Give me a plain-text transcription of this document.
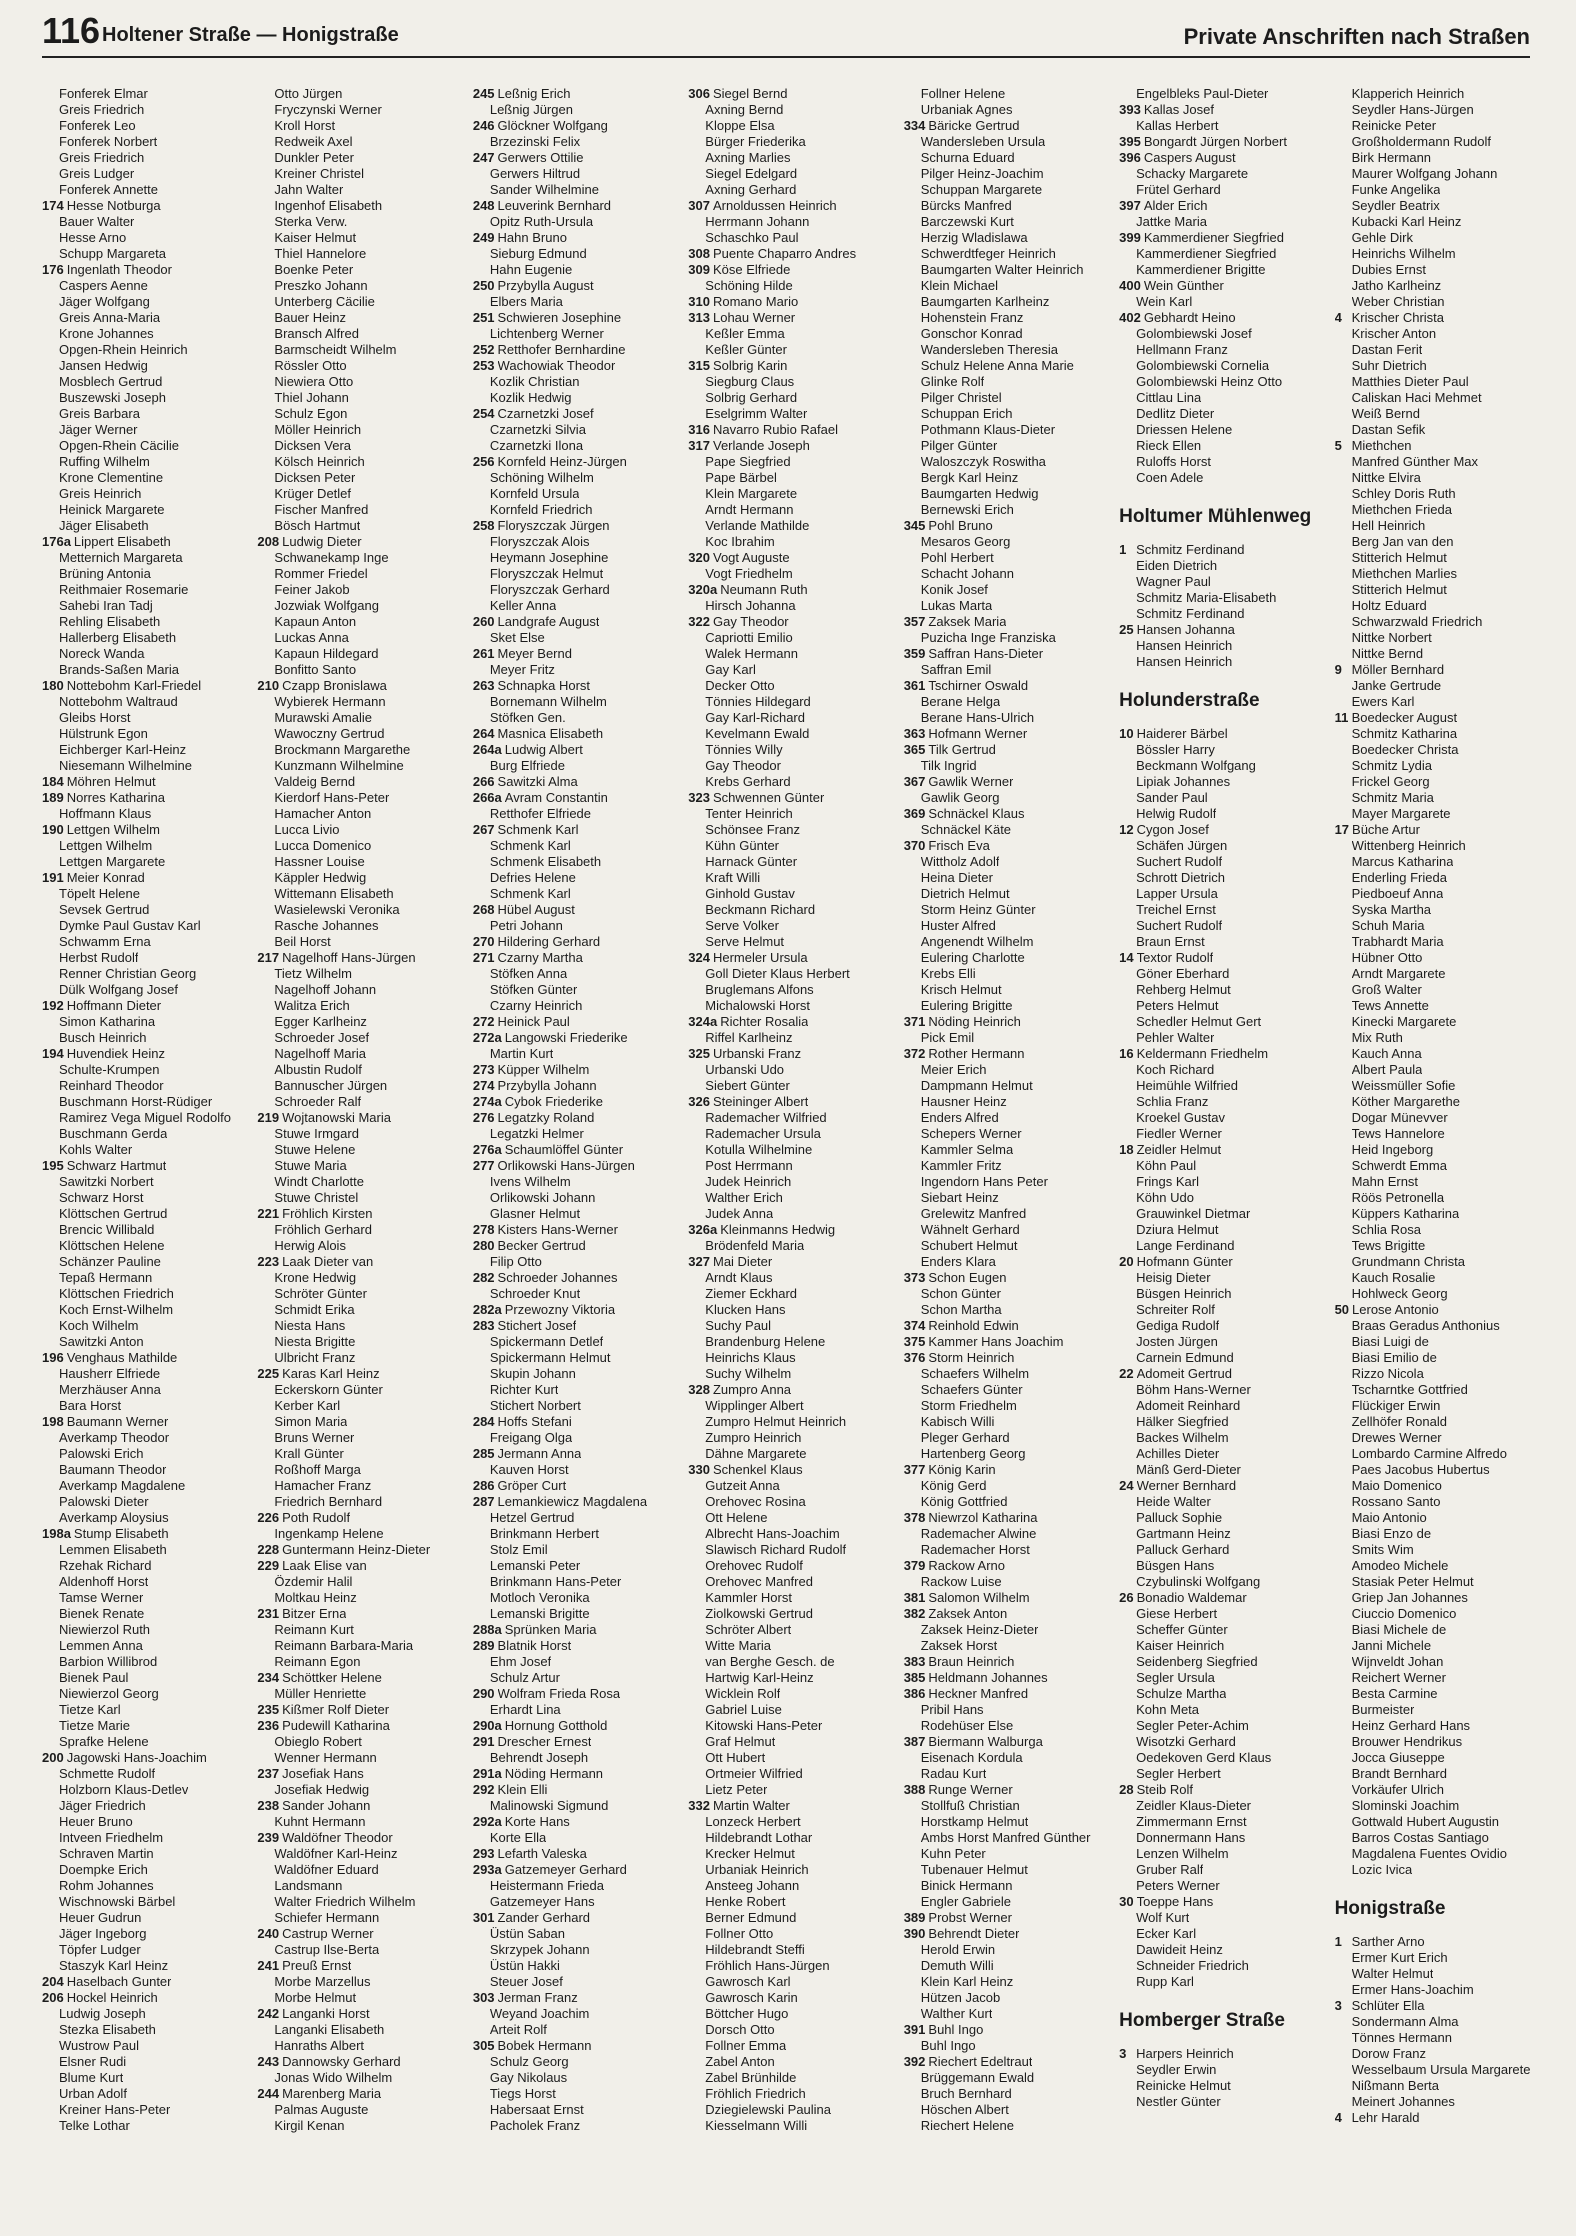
116 Holtener Straße — Honigstraße	Private Anschriften nach Straßen
Fonferek Elmar
Greis Friedrich
Fonferek Leo
Fonferek Norbert
Greis Friedrich
Greis Ludger
Fonferek Annette
174 Hesse Notburga
Bauer Walter
Hesse Arno
Schupp Margareta
176 Ingenlath Theodor
Caspers Aenne
Jäger Wolfgang
Greis Anna-Maria
Krone Johannes
Opgen-Rhein Heinrich
Jansen Hedwig
Mosblech Gertrud
Buszewski Joseph
Greis Barbara
Jäger Werner
Opgen-Rhein Cäcilie
Ruffing Wilhelm
Krone Clementine
Greis Heinrich
Heinick Margarete
Jäger Elisabeth
176a Lippert Elisabeth
Metternich Margareta
Brüning Antonia
Reithmaier Rosemarie
Sahebi Iran Tadj
Rehling Elisabeth
Hallerberg Elisabeth
Noreck Wanda
Brands-Saßen Maria
180 Nottebohm Karl-Friedel
Nottebohm Waltraud
Gleibs Horst
Hülstrunk Egon
Eichberger Karl-Heinz
Niesemann Wilhelmine
184 Möhren Helmut
189 Norres Katharina
Hoffmann Klaus
190 Lettgen Wilhelm
Lettgen Wilhelm
Lettgen Margarete
191 Meier Konrad
Töpelt Helene
Sevsek Gertrud
Dymke Paul Gustav Karl
Schwamm Erna
Herbst Rudolf
Renner Christian Georg
Dülk Wolfgang Josef
192 Hoffmann Dieter
Simon Katharina
Busch Heinrich
194 Huvendiek Heinz
Schulte-Krumpen
Reinhard Theodor
Buschmann Horst-Rüdiger
Ramirez Vega Miguel Rodolfo
Buschmann Gerda
Kohls Walter
195 Schwarz Hartmut
Sawitzki Norbert
Schwarz Horst
Klöttschen Gertrud
Brencic Willibald
Klöttschen Helene
Schänzer Pauline
Tepaß Hermann
Klöttschen Friedrich
Koch Ernst-Wilhelm
Koch Wilhelm
Sawitzki Anton
196 Venghaus Mathilde
Hausherr Elfriede
Merzhäuser Anna
Bara Horst
198 Baumann Werner
Averkamp Theodor
Palowski Erich
Baumann Theodor
Averkamp Magdalene
Palowski Dieter
Averkamp Aloysius
198a Stump Elisabeth
Lemmen Elisabeth
Rzehak Richard
Aldenhoff Horst
Tamse Werner
Bienek Renate
Niewierzol Ruth
Lemmen Anna
Barbion Willibrod
Bienek Paul
Niewierzol Georg
Tietze Karl
Tietze Marie
Sprafke Helene
200 Jagowski Hans-Joachim
Schmette Rudolf
Holzborn Klaus-Detlev
Jäger Friedrich
Heuer Bruno
Intveen Friedhelm
Schraven Martin
Doempke Erich
Rohm Johannes
Wischnowski Bärbel
Heuer Gudrun
Jäger Ingeborg
Töpfer Ludger
Staszyk Karl Heinz
204 Haselbach Gunter
206 Hockel Heinrich
Ludwig Joseph
Stezka Elisabeth
Wustrow Paul
Elsner Rudi
Blume Kurt
Urban Adolf
Kreiner Hans-Peter
Telke Lothar
Otto Jürgen
Fryczynski Werner
Kroll Horst
Redweik Axel
Dunkler Peter
Kreiner Christel
Jahn Walter
Ingenhof Elisabeth
Sterka Verw.
Kaiser Helmut
Thiel Hannelore
Boenke Peter
Preszko Johann
Unterberg Cäcilie
Bauer Heinz
Bransch Alfred
Barmscheidt Wilhelm
Rössler Otto
Niewiera Otto
Thiel Johann
Schulz Egon
Möller Heinrich
Dicksen Vera
Kölsch Heinrich
Dicksen Peter
Krüger Detlef
Fischer Manfred
Bösch Hartmut
208 Ludwig Dieter
Schwanekamp Inge
Rommer Friedel
Feiner Jakob
Jozwiak Wolfgang
Kapaun Anton
Luckas Anna
Kapaun Hildegard
Bonfitto Santo
210 Czapp Bronislawa
Wybierek Hermann
Murawski Amalie
Wawoczny Gertrud
Brockmann Margarethe
Kunzmann Wilhelmine
Valdeig Bernd
Kierdorf Hans-Peter
Hamacher Anton
Lucca Livio
Lucca Domenico
Hassner Louise
Käppler Hedwig
Wittemann Elisabeth
Wasielewski Veronika
Rasche Johannes
Beil Horst
217 Nagelhoff Hans-Jürgen
Tietz Wilhelm
Nagelhoff Johann
Walitza Erich
Egger Karlheinz
Schroeder Josef
Nagelhoff Maria
Albustin Rudolf
Bannuscher Jürgen
Schroeder Ralf
219 Wojtanowski Maria
Stuwe Irmgard
Stuwe Helene
Stuwe Maria
Windt Charlotte
Stuwe Christel
221 Fröhlich Kirsten
Fröhlich Gerhard
Herwig Alois
223 Laak Dieter van
Krone Hedwig
Schröter Günter
Schmidt Erika
Niesta Hans
Niesta Brigitte
Ulbricht Franz
225 Karas Karl Heinz
Eckerskorn Günter
Kerber Karl
Simon Maria
Bruns Werner
Krall Günter
Roßhoff Marga
Hamacher Franz
Friedrich Bernhard
226 Poth Rudolf
Ingenkamp Helene
228 Guntermann Heinz-Dieter
229 Laak Elise van
Özdemir Halil
Moltkau Heinz
231 Bitzer Erna
Reimann Kurt
Reimann Barbara-Maria
Reimann Egon
234 Schöttker Helene
Müller Henriette
235 Kißmer Rolf Dieter
236 Pudewill Katharina
Obieglo Robert
Wenner Hermann
237 Josefiak Hans
Josefiak Hedwig
238 Sander Johann
Kuhnt Hermann
239 Waldöfner Theodor
Waldöfner Karl-Heinz
Waldöfner Eduard
Landsmann
Walter Friedrich Wilhelm
Schiefer Hermann
240 Castrup Werner
Castrup Ilse-Berta
241 Preuß Ernst
Morbe Marzellus
Morbe Helmut
242 Langanki Horst
Langanki Elisabeth
Hanraths Albert
243 Dannowsky Gerhard
Jonas Wido Wilhelm
244 Marenberg Maria
Palmas Auguste
Kirgil Kenan
245 Leßnig Erich
Leßnig Jürgen
246 Glöckner Wolfgang
Brzezinski Felix
247 Gerwers Ottilie
Gerwers Hiltrud
Sander Wilhelmine
248 Leuverink Bernhard
Opitz Ruth-Ursula
249 Hahn Bruno
Sieburg Edmund
Hahn Eugenie
250 Przybylla August
Elbers Maria
251 Schwieren Josephine
Lichtenberg Werner
252 Retthofer Bernhardine
253 Wachowiak Theodor
Kozlik Christian
Kozlik Hedwig
254 Czarnetzki Josef
Czarnetzki Silvia
Czarnetzki Ilona
256 Kornfeld Heinz-Jürgen
Schöning Wilhelm
Kornfeld Ursula
Kornfeld Friedrich
258 Floryszczak Jürgen
Floryszczak Alois
Heymann Josephine
Floryszczak Helmut
Floryszczak Gerhard
Keller Anna
260 Landgrafe August
Sket Else
261 Meyer Bernd
Meyer Fritz
263 Schnapka Horst
Bornemann Wilhelm
Stöfken Gen.
264 Masnica Elisabeth
264a Ludwig Albert
Burg Elfriede
266 Sawitzki Alma
266a Avram Constantin
Retthofer Elfriede
267 Schmenk Karl
Schmenk Karl
Schmenk Elisabeth
Defries Helene
Schmenk Karl
268 Hübel August
Petri Johann
270 Hildering Gerhard
271 Czarny Martha
Stöfken Anna
Stöfken Günter
Czarny Heinrich
272 Heinick Paul
272a Langowski Friederike
Martin Kurt
273 Küpper Wilhelm
274 Przybylla Johann
274a Cybok Friederike
276 Legatzky Roland
Legatzki Helmer
276a Schaumlöffel Günter
277 Orlikowski Hans-Jürgen
Ivens Wilhelm
Orlikowski Johann
Glasner Helmut
278 Kisters Hans-Werner
280 Becker Gertrud
Filip Otto
282 Schroeder Johannes
Schroeder Knut
282a Przewozny Viktoria
283 Stichert Josef
Spickermann Detlef
Spickermann Helmut
Skupin Johann
Richter Kurt
Stichert Norbert
284 Hoffs Stefani
Freigang Olga
285 Jermann Anna
Kauven Horst
286 Gröper Curt
287 Lemankiewicz Magdalena
Hetzel Gertrud
Brinkmann Herbert
Stolz Emil
Lemanski Peter
Brinkmann Hans-Peter
Motloch Veronika
Lemanski Brigitte
288a Sprünken Maria
289 Blatnik Horst
Ehm Josef
Schulz Artur
290 Wolfram Frieda Rosa
Erhardt Lina
290a Hornung Gotthold
291 Drescher Ernest
Behrendt Joseph
291a Nöding Hermann
292 Klein Elli
Malinowski Sigmund
292a Korte Hans
Korte Ella
293 Lefarth Valeska
293a Gatzemeyer Gerhard
Heistermann Frieda
Gatzemeyer Hans
301 Zander Gerhard
Üstün Saban
Skrzypek Johann
Üstün Hakki
Steuer Josef
303 Jerman Franz
Weyand Joachim
Arteit Rolf
305 Bobek Hermann
Schulz Georg
Gay Nikolaus
Tiegs Horst
Habersaat Ernst
Pacholek Franz
306 Siegel Bernd
Axning Bernd
Kloppe Elsa
Bürger Friederika
Axning Marlies
Siegel Edelgard
Axning Gerhard
307 Arnoldussen Heinrich
Herrmann Johann
Schaschko Paul
308 Puente Chaparro Andres
309 Köse Elfriede
Schöning Hilde
310 Romano Mario
313 Lohau Werner
Keßler Emma
Keßler Günter
315 Solbrig Karin
Siegburg Claus
Solbrig Gerhard
Eselgrimm Walter
316 Navarro Rubio Rafael
317 Verlande Joseph
Pape Siegfried
Pape Bärbel
Klein Margarete
Arndt Hermann
Verlande Mathilde
Koc Ibrahim
320 Vogt Auguste
Vogt Friedhelm
320a Neumann Ruth
Hirsch Johanna
322 Gay Theodor
Capriotti Emilio
Walek Hermann
Gay Karl
Decker Otto
Tönnies Hildegard
Gay Karl-Richard
Kevelmann Ewald
Tönnies Willy
Gay Theodor
Krebs Gerhard
323 Schwennen Günter
Tenter Heinrich
Schönsee Franz
Kühn Günter
Harnack Günter
Kraft Willi
Ginhold Gustav
Beckmann Richard
Serve Volker
Serve Helmut
324 Hermeler Ursula
Goll Dieter Klaus Herbert
Bruglemans Alfons
Michalowski Horst
324a Richter Rosalia
Riffel Karlheinz
325 Urbanski Franz
Urbanski Udo
Siebert Günter
326 Steininger Albert
Rademacher Wilfried
Rademacher Ursula
Kotulla Wilhelmine
Post Herrmann
Judek Heinrich
Walther Erich
Judek Anna
326a Kleinmanns Hedwig
Brödenfeld Maria
327 Mai Dieter
Arndt Klaus
Ziemer Eckhard
Klucken Hans
Suchy Paul
Brandenburg Helene
Heinrichs Klaus
Suchy Wilhelm
328 Zumpro Anna
Wipplinger Albert
Zumpro Helmut Heinrich
Zumpro Heinrich
Dähne Margarete
330 Schenkel Klaus
Gutzeit Anna
Orehovec Rosina
Ott Helene
Albrecht Hans-Joachim
Slawisch Richard Rudolf
Orehovec Rudolf
Orehovec Manfred
Kammler Horst
Ziolkowski Gertrud
Schröter Albert
Witte Maria
van Berghe Gesch. de
Hartwig Karl-Heinz
Wicklein Rolf
Gabriel Luise
Kitowski Hans-Peter
Graf Helmut
Ott Hubert
Ortmeier Wilfried
Lietz Peter
332 Martin Walter
Lonzeck Herbert
Hildebrandt Lothar
Krecker Helmut
Urbaniak Heinrich
Ansteeg Johann
Henke Robert
Berner Edmund
Follner Otto
Hildebrandt Steffi
Fröhlich Hans-Jürgen
Gawrosch Karl
Gawrosch Karin
Böttcher Hugo
Dorsch Otto
Follner Emma
Zabel Anton
Zabel Brünhilde
Fröhlich Friedrich
Dziegielewski Paulina
Kiesselmann Willi
Follner Helene
Urbaniak Agnes
334 Bäricke Gertrud
Wandersleben Ursula
Schurna Eduard
Pilger Heinz-Joachim
Schuppan Margarete
Bürcks Manfred
Barczewski Kurt
Herzig Wladislawa
Schwerdtfeger Heinrich
Baumgarten Walter Heinrich
Klein Michael
Baumgarten Karlheinz
Hohenstein Franz
Gonschor Konrad
Wandersleben Theresia
Schulz Helene Anna Marie
Glinke Rolf
Pilger Christel
Schuppan Erich
Pothmann Klaus-Dieter
Pilger Günter
Waloszczyk Roswitha
Bergk Karl Heinz
Baumgarten Hedwig
Bernewski Erich
345 Pohl Bruno
Mesaros Georg
Pohl Herbert
Schacht Johann
Konik Josef
Lukas Marta
357 Zaksek Maria
Puzicha Inge Franziska
359 Saffran Hans-Dieter
Saffran Emil
361 Tschirner Oswald
Berane Helga
Berane Hans-Ulrich
363 Hofmann Werner
365 Tilk Gertrud
Tilk Ingrid
367 Gawlik Werner
Gawlik Georg
369 Schnäckel Klaus
Schnäckel Käte
370 Frisch Eva
Wittholz Adolf
Heina Dieter
Dietrich Helmut
Storm Heinz Günter
Huster Alfred
Angenendt Wilhelm
Eulering Charlotte
Krebs Elli
Krisch Helmut
Eulering Brigitte
371 Nöding Heinrich
Pick Emil
372 Rother Hermann
Meier Erich
Dampmann Helmut
Hausner Heinz
Enders Alfred
Schepers Werner
Kammler Selma
Kammler Fritz
Ingendorn Hans Peter
Siebart Heinz
Grelewitz Manfred
Wähnelt Gerhard
Schubert Helmut
Enders Klara
373 Schon Eugen
Schon Günter
Schon Martha
374 Reinhold Edwin
375 Kammer Hans Joachim
376 Storm Heinrich
Schaefers Wilhelm
Schaefers Günter
Storm Friedhelm
Kabisch Willi
Pleger Gerhard
Hartenberg Georg
377 König Karin
König Gerd
König Gottfried
378 Niewrzol Katharina
Rademacher Alwine
Rademacher Horst
379 Rackow Arno
Rackow Luise
381 Salomon Wilhelm
382 Zaksek Anton
Zaksek Heinz-Dieter
Zaksek Horst
383 Braun Heinrich
385 Heldmann Johannes
386 Heckner Manfred
Pribil Hans
Rodehüser Else
387 Biermann Walburga
Eisenach Kordula
Radau Kurt
388 Runge Werner
Stollfuß Christian
Horstkamp Helmut
Ambs Horst Manfred Günther
Kuhn Peter
Tubenauer Helmut
Binick Hermann
Engler Gabriele
389 Probst Werner
390 Behrendt Dieter
Herold Erwin
Demuth Willi
Klein Karl Heinz
Hützen Jacob
Walther Kurt
391 Buhl Ingo
Buhl Ingo
392 Riechert Edeltraut
Brüggemann Ewald
Bruch Bernhard
Höschen Albert
Riechert Helene
Engelbleks Paul-Dieter
393 Kallas Josef
Kallas Herbert
395 Bongardt Jürgen Norbert
396 Caspers August
Schacky Margarete
Frütel Gerhard
397 Alder Erich
Jattke Maria
399 Kammerdiener Siegfried
Kammerdiener Siegfried
Kammerdiener Brigitte
400 Wein Günther
Wein Karl
402 Gebhardt Heino
Golombiewski Josef
Hellmann Franz
Golombiewski Cornelia
Golombiewski Heinz Otto
Cittlau Lina
Dedlitz Dieter
Driessen Helene
Rieck Ellen
Ruloffs Horst
Coen Adele
Holtumer Mühlenweg
1 Schmitz Ferdinand
Eiden Dietrich
Wagner Paul
Schmitz Maria-Elisabeth
Schmitz Ferdinand
25 Hansen Johanna
Hansen Heinrich
Hansen Heinrich
Holunderstraße
10 Haiderer Bärbel
Bössler Harry
Beckmann Wolfgang
Lipiak Johannes
Sander Paul
Helwig Rudolf
12 Cygon Josef
Schäfen Jürgen
Suchert Rudolf
Schrott Dietrich
Lapper Ursula
Treichel Ernst
Suchert Rudolf
Braun Ernst
14 Textor Rudolf
Göner Eberhard
Rehberg Helmut
Peters Helmut
Schedler Helmut Gert
Pehler Walter
16 Keldermann Friedhelm
Koch Richard
Heimühle Wilfried
Schlia Franz
Kroekel Gustav
Fiedler Werner
18 Zeidler Helmut
Köhn Paul
Frings Karl
Köhn Udo
Grauwinkel Dietmar
Dziura Helmut
Lange Ferdinand
20 Hofmann Günter
Heisig Dieter
Büsgen Heinrich
Schreiter Rolf
Gediga Rudolf
Josten Jürgen
Carnein Edmund
22 Adomeit Gertrud
Böhm Hans-Werner
Adomeit Reinhard
Hälker Siegfried
Backes Wilhelm
Achilles Dieter
Mänß Gerd-Dieter
24 Werner Bernhard
Heide Walter
Palluck Sophie
Gartmann Heinz
Palluck Gerhard
Büsgen Hans
Czybulinski Wolfgang
26 Bonadio Waldemar
Giese Herbert
Scheffer Günter
Kaiser Heinrich
Seidenberg Siegfried
Segler Ursula
Schulze Martha
Kohn Meta
Segler Peter-Achim
Wisotzki Gerhard
Oedekoven Gerd Klaus
Segler Herbert
28 Steib Rolf
Zeidler Klaus-Dieter
Zimmermann Ernst
Donnermann Hans
Lenzen Wilhelm
Gruber Ralf
Peters Werner
30 Toeppe Hans
Wolf Kurt
Ecker Karl
Dawideit Heinz
Schneider Friedrich
Rupp Karl
Homberger Straße
3 Harpers Heinrich
Seydler Erwin
Reinicke Helmut
Nestler Günter
Klapperich Heinrich
Seydler Hans-Jürgen
Reinicke Peter
Großholdermann Rudolf
Birk Hermann
Maurer Wolfgang Johann
Funke Angelika
Seydler Beatrix
Kubacki Karl Heinz
Gehle Dirk
Heinrichs Wilhelm
Dubies Ernst
Jatho Karlheinz
Weber Christian
4 Krischer Christa
Krischer Anton
Dastan Ferit
Suhr Dietrich
Matthies Dieter Paul
Caliskan Haci Mehmet
Weiß Bernd
Dastan Sefik
5 Miethchen
Manfred Günther Max
Nittke Elvira
Schley Doris Ruth
Miethchen Frieda
Hell Heinrich
Berg Jan van den
Stitterich Helmut
Miethchen Marlies
Stitterich Helmut
Holtz Eduard
Schwarzwald Friedrich
Nittke Norbert
Nittke Bernd
9 Möller Bernhard
Janke Gertrude
Ewers Karl
11 Boedecker August
Schmitz Katharina
Boedecker Christa
Schmitz Lydia
Frickel Georg
Schmitz Maria
Mayer Margarete
17 Büche Artur
Wittenberg Heinrich
Marcus Katharina
Enderling Frieda
Piedboeuf Anna
Syska Martha
Schuh Maria
Trabhardt Maria
Hübner Otto
Arndt Margarete
Groß Walter
Tews Annette
Kinecki Margarete
Mix Ruth
Kauch Anna
Albert Paula
Weissmüller Sofie
Köther Margarethe
Dogar Münevver
Tews Hannelore
Heid Ingeborg
Schwerdt Emma
Mahn Ernst
Röös Petronella
Küppers Katharina
Schlia Rosa
Tews Brigitte
Grundmann Christa
Kauch Rosalie
Hohlweck Georg
50 Lerose Antonio
Braas Geradus Anthonius
Biasi Luigi de
Biasi Emilio de
Rizzo Nicola
Tscharntke Gottfried
Flückiger Erwin
Zellhöfer Ronald
Drewes Werner
Lombardo Carmine Alfredo
Paes Jacobus Hubertus
Maio Domenico
Rossano Santo
Maio Antonio
Biasi Enzo de
Smits Wim
Amodeo Michele
Stasiak Peter Helmut
Griep Jan Johannes
Ciuccio Domenico
Biasi Michele de
Janni Michele
Wijnveldt Johan
Reichert Werner
Besta Carmine
Burmeister
Heinz Gerhard Hans
Brouwer Hendrikus
Jocca Giuseppe
Brandt Bernhard
Vorkäufer Ulrich
Slominski Joachim
Gottwald Hubert Augustin
Barros Costas Santiago
Magdalena Fuentes Ovidio
Lozic Ivica
Honigstraße
1 Sarther Arno
Ermer Kurt Erich
Walter Helmut
Ermer Hans-Joachim
3 Schlüter Ella
Sondermann Alma
Tönnes Hermann
Dorow Franz
Wesselbaum Ursula Margarete
Nißmann Berta
Meinert Johannes
4 Lehr Harald
